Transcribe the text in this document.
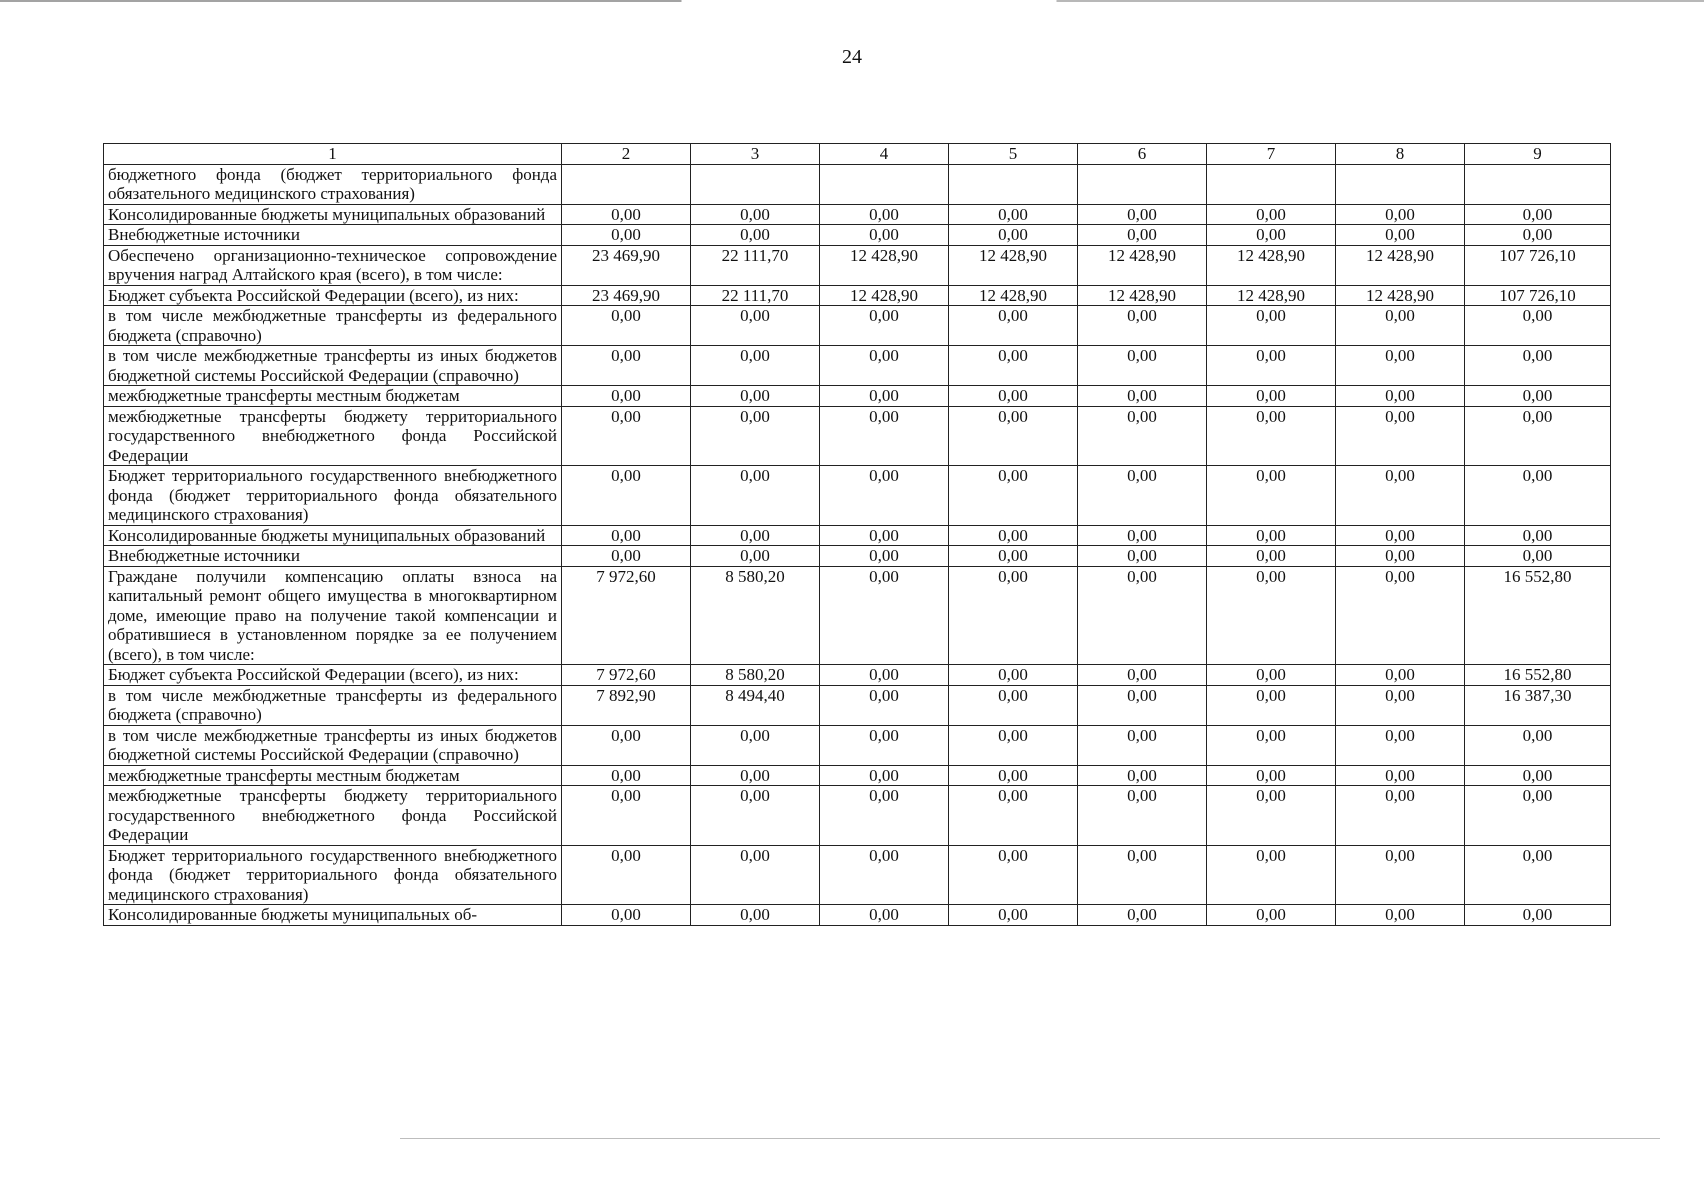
24
1	2	3	4	5	6	7	8	9
бюджетного фонда (бюджет территориального фонда обязательного медицинского страхования)								
Консолидированные бюджеты муниципальных образований	0,00	0,00	0,00	0,00	0,00	0,00	0,00	0,00
Внебюджетные источники	0,00	0,00	0,00	0,00	0,00	0,00	0,00	0,00
Обеспечено организационно-техническое сопровождение вручения наград Алтайского края (всего), в том числе:	23 469,90	22 111,70	12 428,90	12 428,90	12 428,90	12 428,90	12 428,90	107 726,10
Бюджет субъекта Российской Федерации (всего), из них:	23 469,90	22 111,70	12 428,90	12 428,90	12 428,90	12 428,90	12 428,90	107 726,10
в том числе межбюджетные трансферты из федерального бюджета (справочно)	0,00	0,00	0,00	0,00	0,00	0,00	0,00	0,00
в том числе межбюджетные трансферты из иных бюджетов бюджетной системы Российской Федерации (справочно)	0,00	0,00	0,00	0,00	0,00	0,00	0,00	0,00
межбюджетные трансферты местным бюджетам	0,00	0,00	0,00	0,00	0,00	0,00	0,00	0,00
межбюджетные трансферты бюджету территориального государственного внебюджетного фонда Российской Федерации	0,00	0,00	0,00	0,00	0,00	0,00	0,00	0,00
Бюджет территориального государственного внебюджетного фонда (бюджет территориального фонда обязательного медицинского страхования)	0,00	0,00	0,00	0,00	0,00	0,00	0,00	0,00
Консолидированные бюджеты муниципальных образований	0,00	0,00	0,00	0,00	0,00	0,00	0,00	0,00
Внебюджетные источники	0,00	0,00	0,00	0,00	0,00	0,00	0,00	0,00
Граждане получили компенсацию оплаты взноса на капитальный ремонт общего имущества в многоквартирном доме, имеющие право на получение такой компенсации и обратившиеся в установленном порядке за ее получением (всего), в том числе:	7 972,60	8 580,20	0,00	0,00	0,00	0,00	0,00	16 552,80
Бюджет субъекта Российской Федерации (всего), из них:	7 972,60	8 580,20	0,00	0,00	0,00	0,00	0,00	16 552,80
в том числе межбюджетные трансферты из федерального бюджета (справочно)	7 892,90	8 494,40	0,00	0,00	0,00	0,00	0,00	16 387,30
в том числе межбюджетные трансферты из иных бюджетов бюджетной системы Российской Федерации (справочно)	0,00	0,00	0,00	0,00	0,00	0,00	0,00	0,00
межбюджетные трансферты местным бюджетам	0,00	0,00	0,00	0,00	0,00	0,00	0,00	0,00
межбюджетные трансферты бюджету территориального государственного внебюджетного фонда Российской Федерации	0,00	0,00	0,00	0,00	0,00	0,00	0,00	0,00
Бюджет территориального государственного внебюджетного фонда (бюджет территориального фонда обязательного медицинского страхования)	0,00	0,00	0,00	0,00	0,00	0,00	0,00	0,00
Консолидированные бюджеты муниципальных об-	0,00	0,00	0,00	0,00	0,00	0,00	0,00	0,00
